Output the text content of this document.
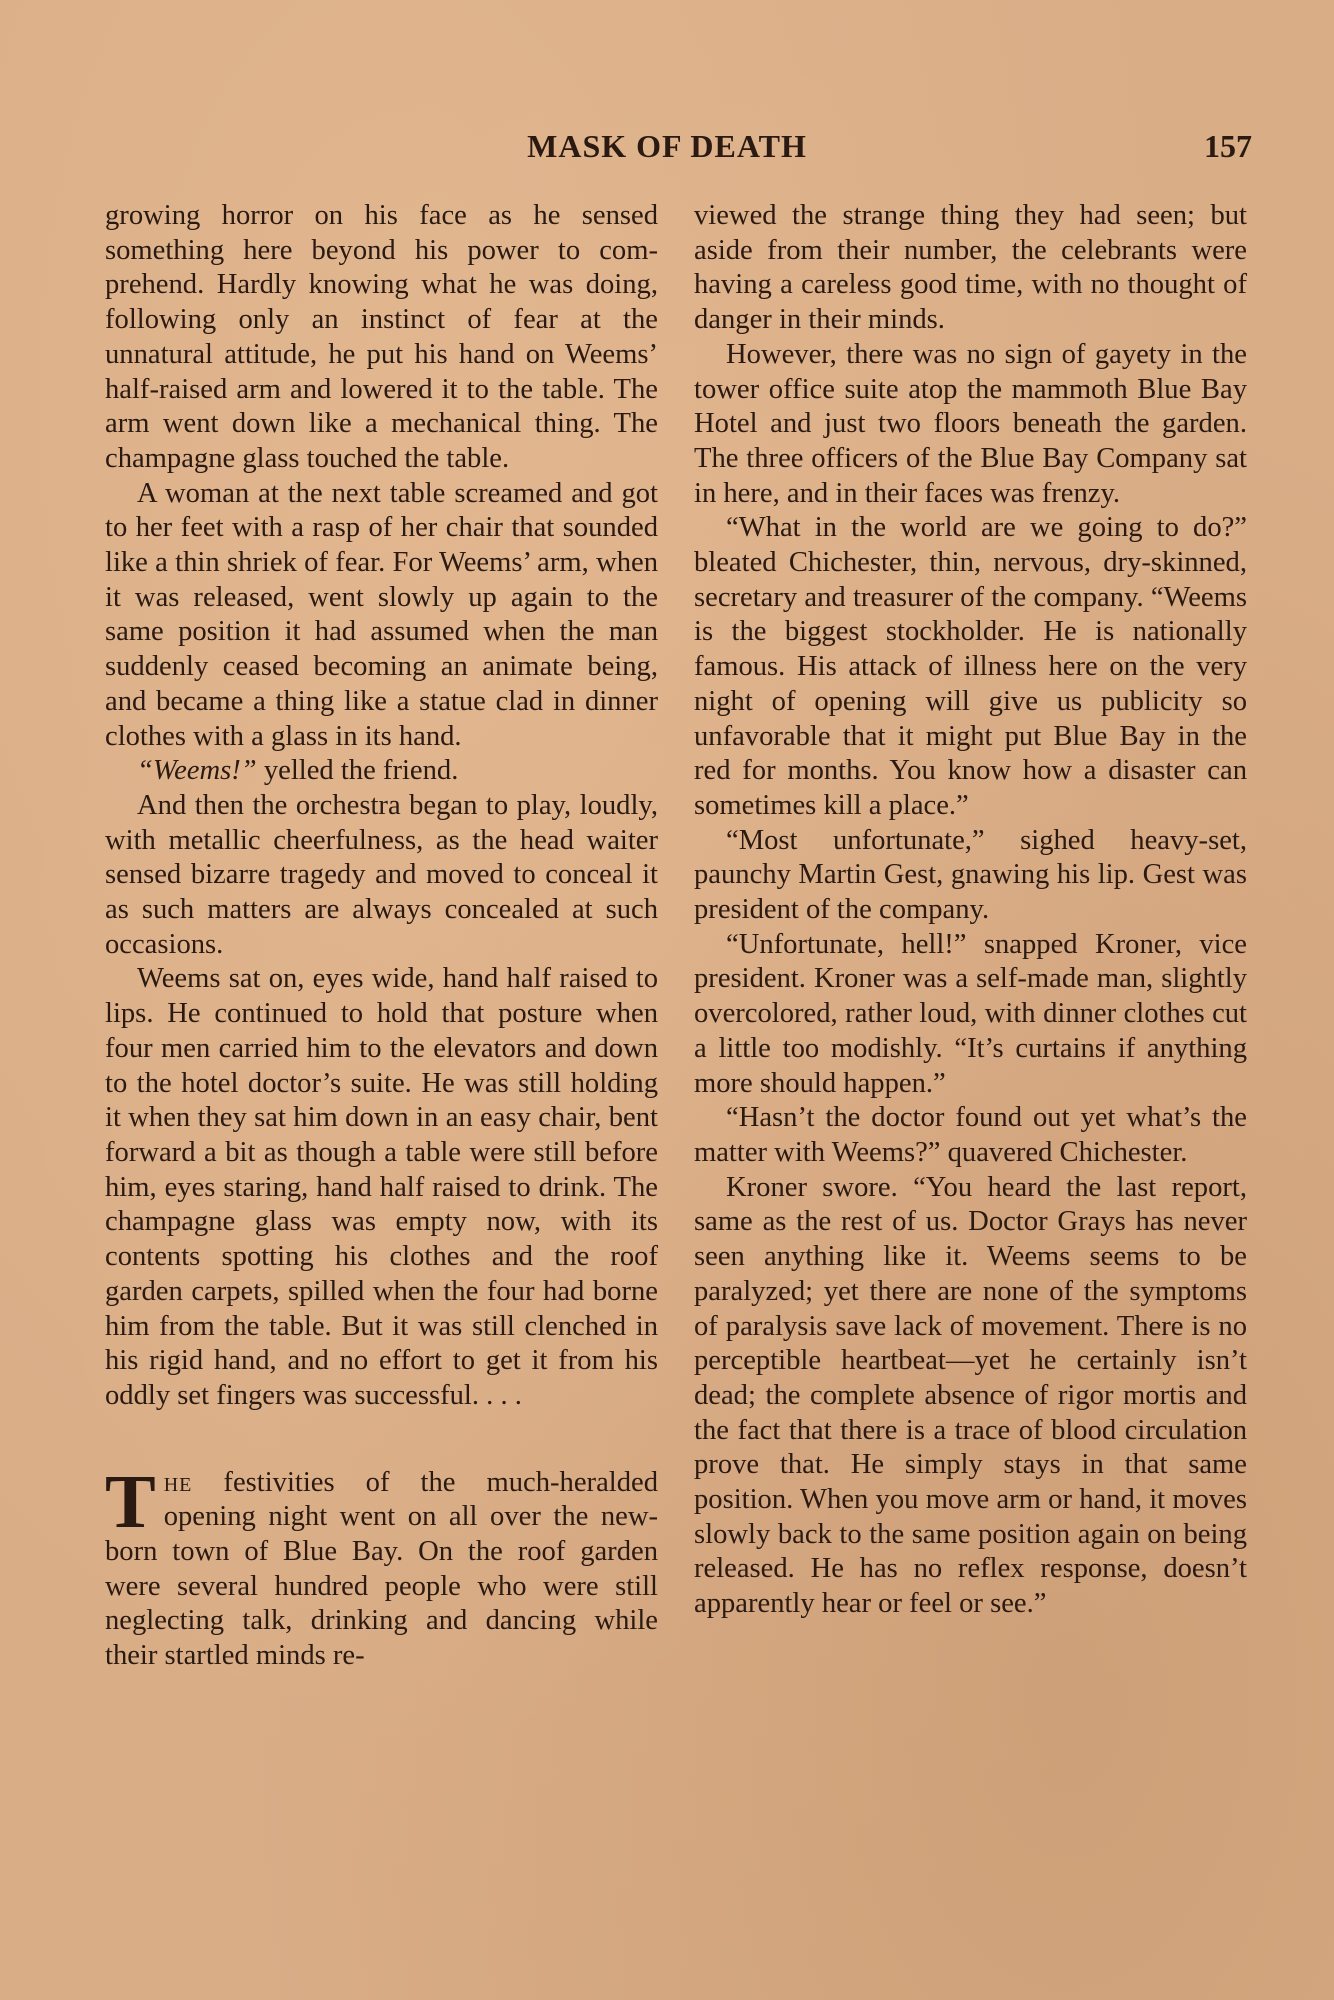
MASK OF DEATH	157

growing horror on his face as he sensed something here beyond his power to comprehend. Hardly knowing what he was doing, following only an instinct of fear at the unnatural attitude, he put his hand on Weems’ half-raised arm and lowered it to the table. The arm went down like a mechanical thing. The champagne glass touched the table.

A woman at the next table screamed and got to her feet with a rasp of her chair that sounded like a thin shriek of fear. For Weems’ arm, when it was released, went slowly up again to the same position it had assumed when the man suddenly ceased becoming an animate being, and became a thing like a statue clad in dinner clothes with a glass in its hand.

“Weems!” yelled the friend.

And then the orchestra began to play, loudly, with metallic cheerfulness, as the head waiter sensed bizarre tragedy and moved to conceal it as such matters are always concealed at such occasions.

Weems sat on, eyes wide, hand half raised to lips. He continued to hold that posture when four men carried him to the elevators and down to the hotel doctor’s suite. He was still holding it when they sat him down in an easy chair, bent forward a bit as though a table were still before him, eyes staring, hand half raised to drink. The champagne glass was empty now, with its contents spotting his clothes and the roof garden carpets, spilled when the four had borne him from the table. But it was still clenched in his rigid hand, and no effort to get it from his oddly set fingers was successful. . . .

The festivities of the much-heralded opening night went on all over the new-born town of Blue Bay. On the roof garden were several hundred people who were still neglecting talk, drinking and dancing while their startled minds re-

viewed the strange thing they had seen; but aside from their number, the celebrants were having a careless good time, with no thought of danger in their minds.

However, there was no sign of gayety in the tower office suite atop the mammoth Blue Bay Hotel and just two floors beneath the garden. The three officers of the Blue Bay Company sat in here, and in their faces was frenzy.

“What in the world are we going to do?” bleated Chichester, thin, nervous, dry-skinned, secretary and treasurer of the company. “Weems is the biggest stockholder. He is nationally famous. His attack of illness here on the very night of opening will give us publicity so unfavorable that it might put Blue Bay in the red for months. You know how a disaster can sometimes kill a place.”

“Most unfortunate,” sighed heavy-set, paunchy Martin Gest, gnawing his lip. Gest was president of the company.

“Unfortunate, hell!” snapped Kroner, vice president. Kroner was a self-made man, slightly overcolored, rather loud, with dinner clothes cut a little too modishly. “It’s curtains if anything more should happen.”

“Hasn’t the doctor found out yet what’s the matter with Weems?” quavered Chichester.

Kroner swore. “You heard the last report, same as the rest of us. Doctor Grays has never seen anything like it. Weems seems to be paralyzed; yet there are none of the symptoms of paralysis save lack of movement. There is no perceptible heartbeat—yet he certainly isn’t dead; the complete absence of rigor mortis and the fact that there is a trace of blood circulation prove that. He simply stays in that same position. When you move arm or hand, it moves slowly back to the same position again on being released. He has no reflex response, doesn’t apparently hear or feel or see.”
